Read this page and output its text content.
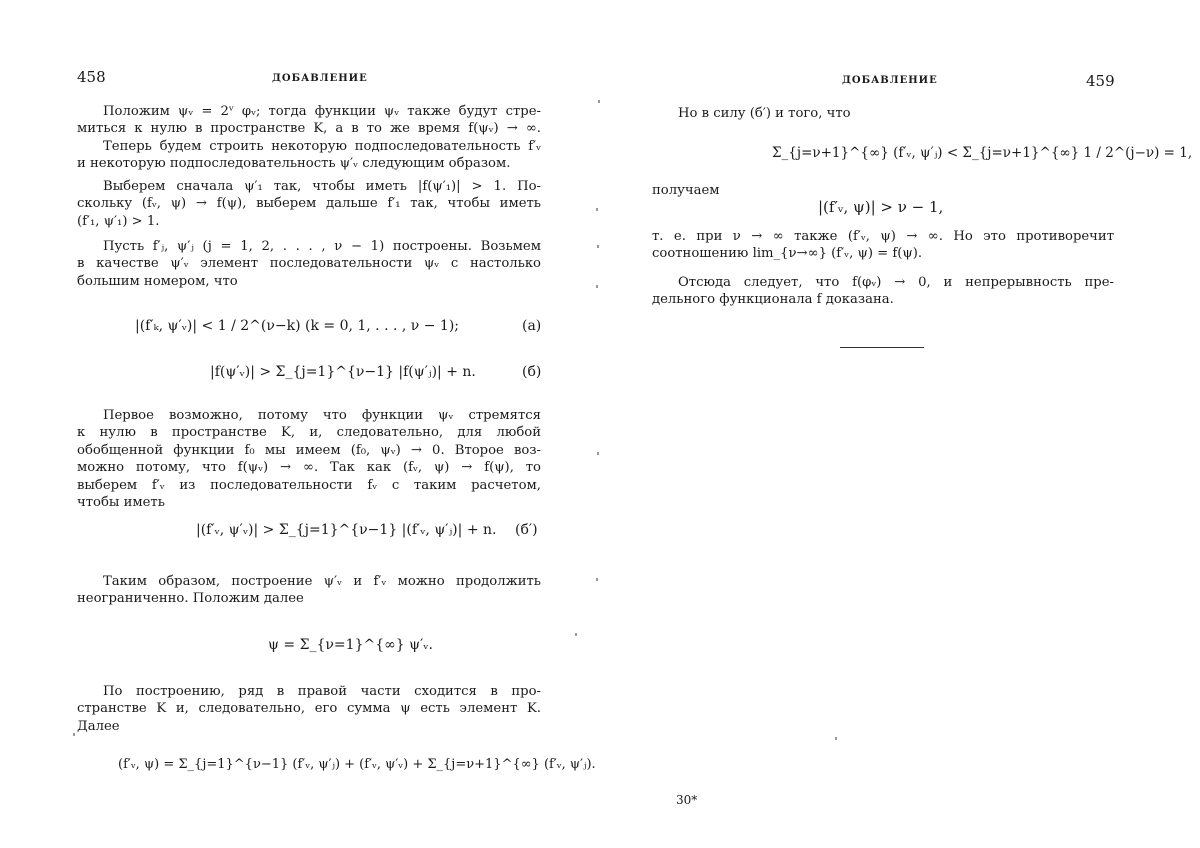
458	ДОБАВЛЕНИЕ
Положим ψᵥ = 2ᵛ φᵥ; тогда функции ψᵥ также будут стре-
миться к нулю в пространстве K, а в то же время f(ψᵥ) → ∞.
Теперь будем строить некоторую подпоследовательность f′ᵥ
и некоторую подпоследовательность ψ′ᵥ следующим образом.
Выберем сначала ψ′₁ так, чтобы иметь |f(ψ′₁)| > 1. По-
скольку (fᵥ, ψ) → f(ψ), выберем дальше f′₁ так, чтобы иметь
(f′₁, ψ′₁) > 1.
Пусть f′ⱼ, ψ′ⱼ (j = 1, 2, . . . , ν − 1) построены. Возьмем
в качестве ψ′ᵥ элемент последовательности ψᵥ с настолько
большим номером, что
|(f′ₖ, ψ′ᵥ)| < 1 / 2^(ν−k) (k = 0, 1, . . . , ν − 1);	(а)
|f(ψ′ᵥ)| > Σ_{j=1}^{ν−1} |f(ψ′ⱼ)| + n.	(б)
Первое возможно, потому что функции ψᵥ стремятся
к нулю в пространстве K, и, следовательно, для любой
обобщенной функции f₀ мы имеем (f₀, ψᵥ) → 0. Второе воз-
можно потому, что f(ψᵥ) → ∞. Так как (fᵥ, ψ) → f(ψ), то
выберем f′ᵥ из последовательности fᵥ с таким расчетом,
чтобы иметь
|(f′ᵥ, ψ′ᵥ)| > Σ_{j=1}^{ν−1} |(f′ᵥ, ψ′ⱼ)| + n. (б′)
Таким образом, построение ψ′ᵥ и f′ᵥ можно продолжить
неограниченно. Положим далее
ψ = Σ_{ν=1}^{∞} ψ′ᵥ.
По построению, ряд в правой части сходится в про-
странстве K и, следовательно, его сумма ψ есть элемент K.
Далее
(f′ᵥ, ψ) = Σ_{j=1}^{ν−1} (f′ᵥ, ψ′ⱼ) + (f′ᵥ, ψ′ᵥ) + Σ_{j=ν+1}^{∞} (f′ᵥ, ψ′ⱼ).
ДОБАВЛЕНИЕ	459
Но в силу (б′) и того, что
Σ_{j=ν+1}^{∞} (f′ᵥ, ψ′ⱼ) < Σ_{j=ν+1}^{∞} 1 / 2^(j−ν) = 1,
получаем
|(f′ᵥ, ψ)| > ν − 1,
т. е. при ν → ∞ также (f′ᵥ, ψ) → ∞. Но это противоречит
соотношению lim_{ν→∞} (f′ᵥ, ψ) = f(ψ).
Отсюда следует, что f(φᵥ) → 0, и непрерывность пре-
дельного функционала f доказана.
30*
